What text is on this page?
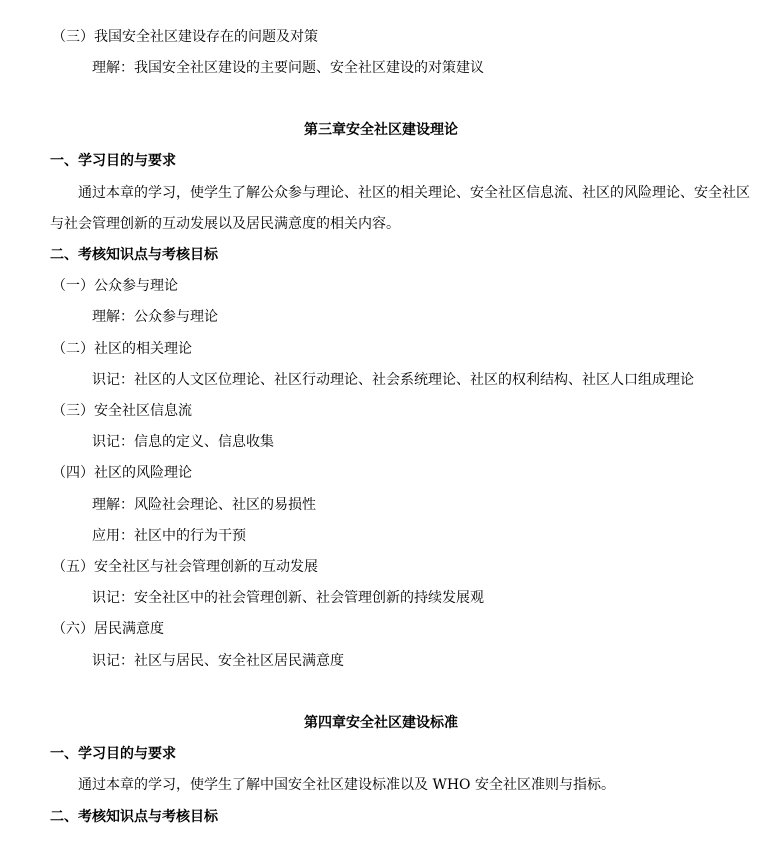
（三）我国安全社区建设存在的问题及对策
理解：我国安全社区建设的主要问题、安全社区建设的对策建议
第三章安全社区建设理论
一、学习目的与要求
通过本章的学习，使学生了解公众参与理论、社区的相关理论、安全社区信息流、社区的风险理论、安全社区
与社会管理创新的互动发展以及居民满意度的相关内容。
二、考核知识点与考核目标
（一）公众参与理论
理解：公众参与理论
（二）社区的相关理论
识记：社区的人文区位理论、社区行动理论、社会系统理论、社区的权利结构、社区人口组成理论
（三）安全社区信息流
识记：信息的定义、信息收集
（四）社区的风险理论
理解：风险社会理论、社区的易损性
应用：社区中的行为干预
（五）安全社区与社会管理创新的互动发展
识记：安全社区中的社会管理创新、社会管理创新的持续发展观
（六）居民满意度
识记：社区与居民、安全社区居民满意度
第四章安全社区建设标准
一、学习目的与要求
通过本章的学习，使学生了解中国安全社区建设标准以及 WHO 安全社区准则与指标。
二、考核知识点与考核目标
